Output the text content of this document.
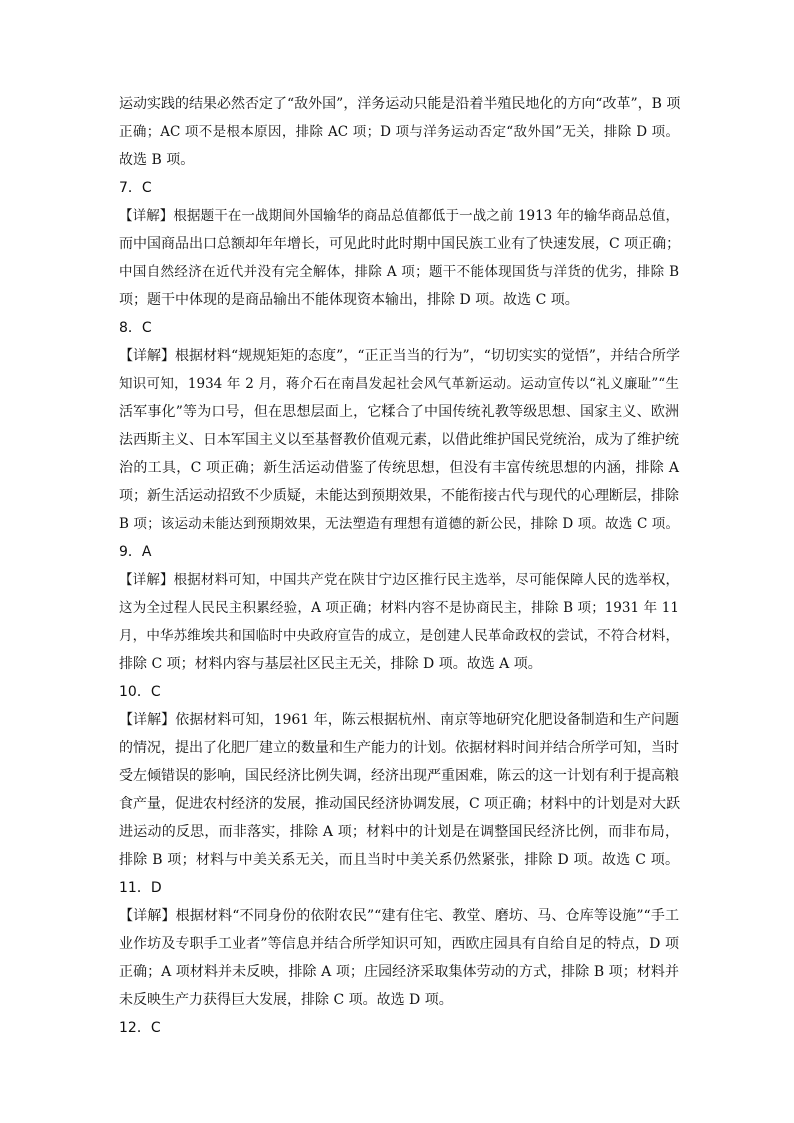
运动实践的结果必然否定了“敌外国”，洋务运动只能是沿着半殖民地化的方向“改革”，B 项
正确；AC 项不是根本原因，排除 AC 项；D 项与洋务运动否定“敌外国”无关，排除 D 项。
故选 B 项。
7．C
【详解】根据题干在一战期间外国输华的商品总值都低于一战之前 1913 年的输华商品总值，
而中国商品出口总额却年年增长，可见此时此时期中国民族工业有了快速发展，C 项正确；
中国自然经济在近代并没有完全解体，排除 A 项；题干不能体现国货与洋货的优劣，排除 B
项；题干中体现的是商品输出不能体现资本输出，排除 D 项。故选 C 项。
8．C
【详解】根据材料“规规矩矩的态度”，“正正当当的行为”，“切切实实的觉悟”，并结合所学
知识可知，1934 年 2 月，蒋介石在南昌发起社会风气革新运动。运动宣传以“礼义廉耻”“生
活军事化”等为口号，但在思想层面上，它糅合了中国传统礼教等级思想、国家主义、欧洲
法西斯主义、日本军国主义以至基督教价值观元素，以借此维护国民党统治，成为了维护统
治的工具，C 项正确；新生活运动借鉴了传统思想，但没有丰富传统思想的内涵，排除 A
项；新生活运动招致不少质疑，未能达到预期效果，不能衔接古代与现代的心理断层，排除
B 项；该运动未能达到预期效果，无法塑造有理想有道德的新公民，排除 D 项。故选 C 项。
9．A
【详解】根据材料可知，中国共产党在陕甘宁边区推行民主选举，尽可能保障人民的选举权，
这为全过程人民民主积累经验，A 项正确；材料内容不是协商民主，排除 B 项；1931 年 11
月，中华苏维埃共和国临时中央政府宣告的成立，是创建人民革命政权的尝试，不符合材料，
排除 C 项；材料内容与基层社区民主无关，排除 D 项。故选 A 项。
10．C
【详解】依据材料可知，1961 年，陈云根据杭州、南京等地研究化肥设备制造和生产问题
的情况，提出了化肥厂建立的数量和生产能力的计划。依据材料时间并结合所学可知，当时
受左倾错误的影响，国民经济比例失调，经济出现严重困难，陈云的这一计划有利于提高粮
食产量，促进农村经济的发展，推动国民经济协调发展，C 项正确；材料中的计划是对大跃
进运动的反思，而非落实，排除 A 项；材料中的计划是在调整国民经济比例，而非布局，
排除 B 项；材料与中美关系无关，而且当时中美关系仍然紧张，排除 D 项。故选 C 项。
11．D
【详解】根据材料“不同身份的依附农民”“建有住宅、教堂、磨坊、马、仓库等设施”“手工
业作坊及专职手工业者”等信息并结合所学知识可知，西欧庄园具有自给自足的特点，D 项
正确；A 项材料并未反映，排除 A 项；庄园经济采取集体劳动的方式，排除 B 项；材料并
未反映生产力获得巨大发展，排除 C 项。故选 D 项。
12．C
